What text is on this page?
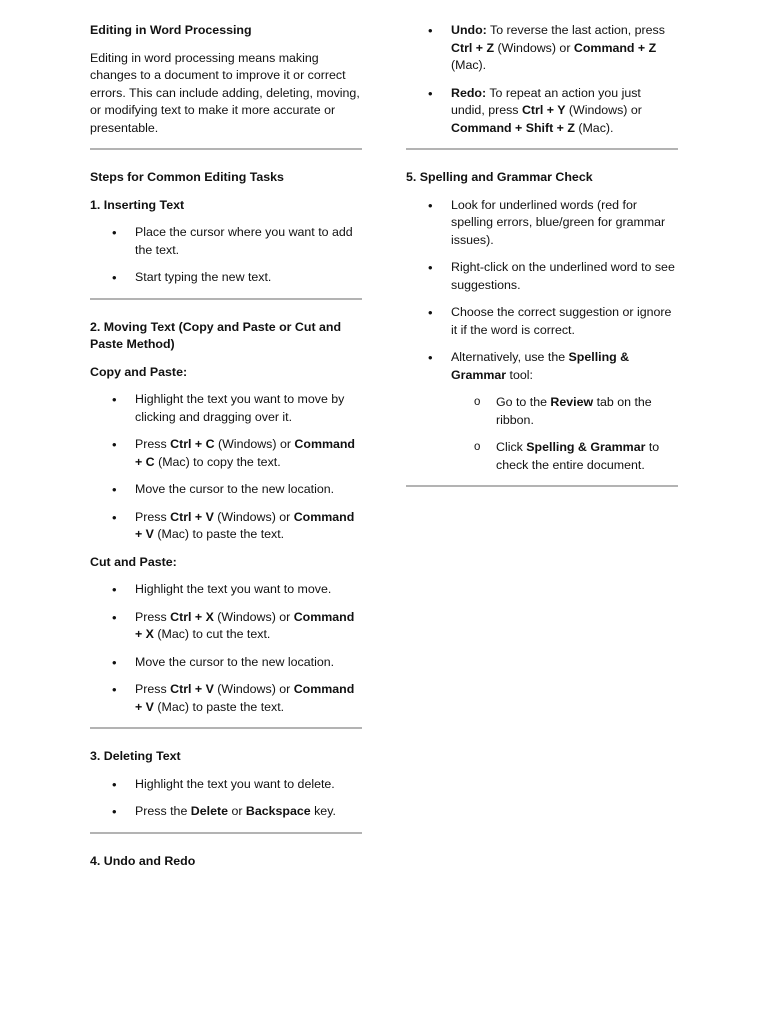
Editing in Word Processing

Editing in word processing means making changes to a document to improve it or correct errors. This can include adding, deleting, moving, or modifying text to make it more accurate or presentable.

Steps for Common Editing Tasks

1. Inserting Text

• Place the cursor where you want to add the text.
• Start typing the new text.

2. Moving Text (Copy and Paste or Cut and Paste Method)

Copy and Paste:

• Highlight the text you want to move by clicking and dragging over it.
• Press Ctrl + C (Windows) or Command + C (Mac) to copy the text.
• Move the cursor to the new location.
• Press Ctrl + V (Windows) or Command + V (Mac) to paste the text.

Cut and Paste:

• Highlight the text you want to move.
• Press Ctrl + X (Windows) or Command + X (Mac) to cut the text.
• Move the cursor to the new location.
• Press Ctrl + V (Windows) or Command + V (Mac) to paste the text.

3. Deleting Text

• Highlight the text you want to delete.
• Press the Delete or Backspace key.

4. Undo and Redo

• Undo: To reverse the last action, press Ctrl + Z (Windows) or Command + Z (Mac).
• Redo: To repeat an action you just undid, press Ctrl + Y (Windows) or Command + Shift + Z (Mac).

5. Spelling and Grammar Check

• Look for underlined words (red for spelling errors, blue/green for grammar issues).
• Right-click on the underlined word to see suggestions.
• Choose the correct suggestion or ignore it if the word is correct.
• Alternatively, use the Spelling & Grammar tool:
o Go to the Review tab on the ribbon.
o Click Spelling & Grammar to check the entire document.
